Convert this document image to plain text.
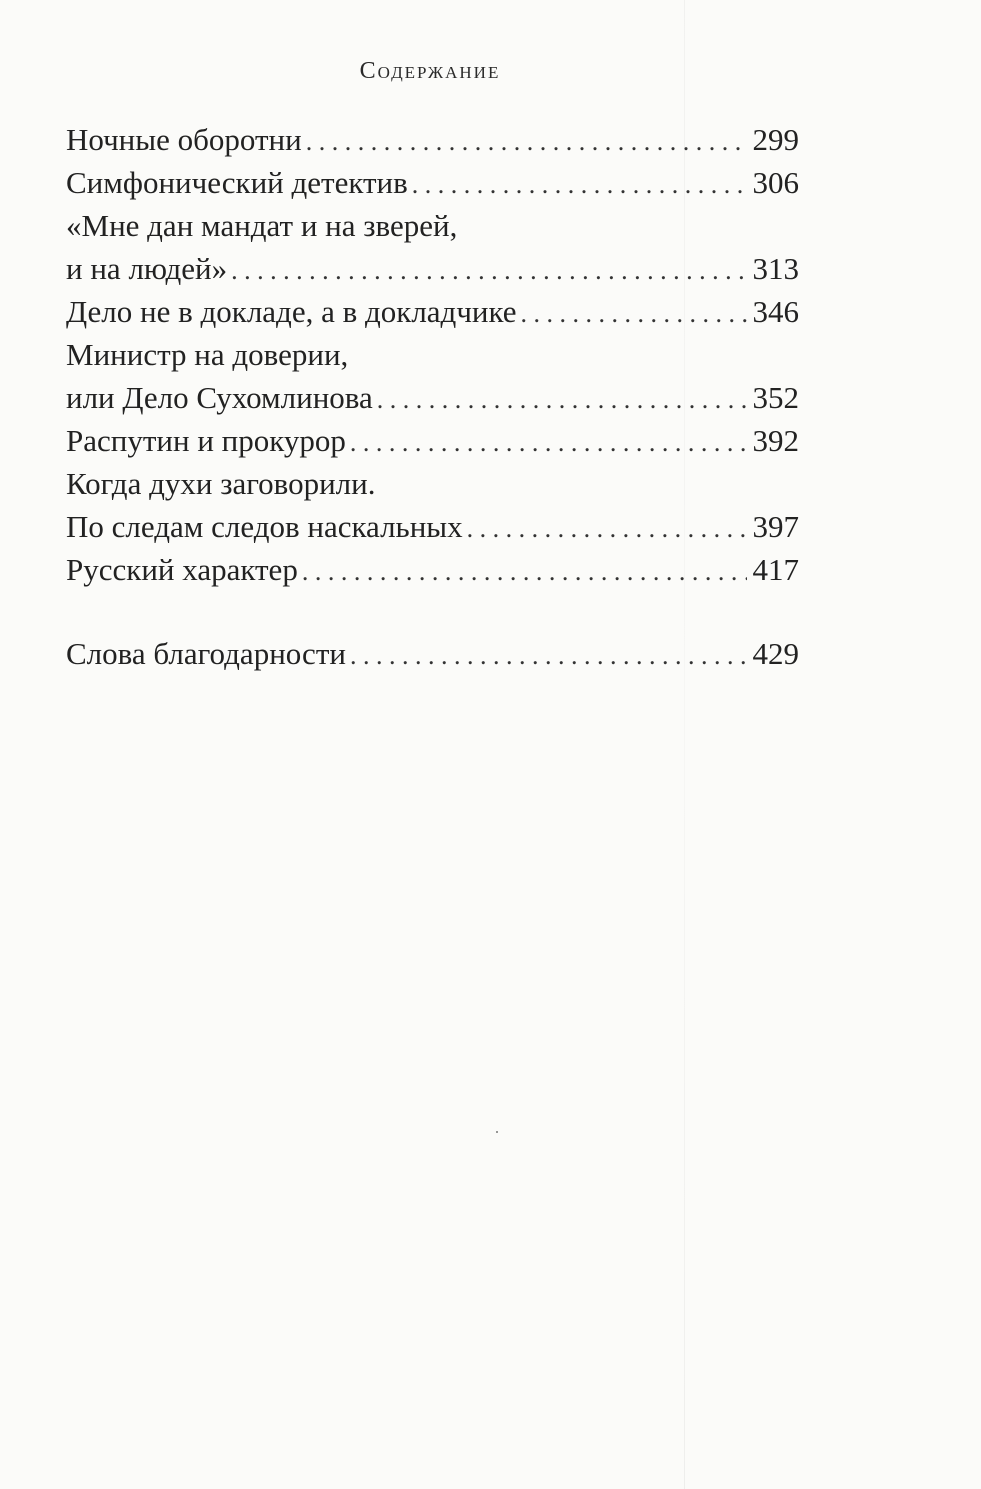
Содержание
Ночные оборотни . . .	299
Симфонический детектив . . .	306
«Мне дан мандат и на зверей,
и на людей» . . .	313
Дело не в докладе, а в докладчике . . .	346
Министр на доверии,
или Дело Сухомлинова . . .	352
Распутин и прокурор . . .	392
Когда духи заговорили.
По следам следов наскальных . . .	397
Русский характер . . .	417
Слова благодарности . . .	429
